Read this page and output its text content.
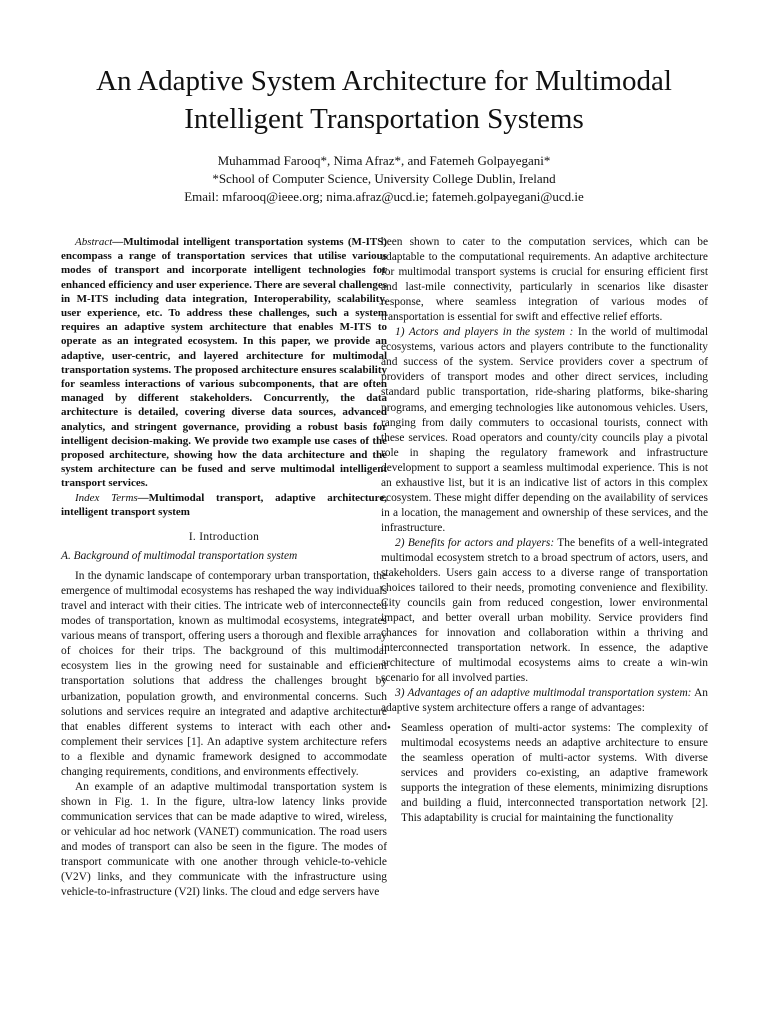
An Adaptive System Architecture for Multimodal Intelligent Transportation Systems
Muhammad Farooq*, Nima Afraz*, and Fatemeh Golpayegani*
*School of Computer Science, University College Dublin, Ireland
Email: mfarooq@ieee.org; nima.afraz@ucd.ie; fatemeh.golpayegani@ucd.ie

Abstract—Multimodal intelligent transportation systems (M-ITS) encompass a range of transportation services that utilise various modes of transport and incorporate intelligent technologies for enhanced efficiency and user experience. There are several challenges in M-ITS including data integration, Interoperability, scalability, user experience, etc. To address these challenges, such a system requires an adaptive system architecture that enables M-ITS to operate as an integrated ecosystem. In this paper, we provide an adaptive, user-centric, and layered architecture for multimodal transportation systems. The proposed architecture ensures scalability for seamless interactions of various subcomponents, that are often managed by different stakeholders. Concurrently, the data architecture is detailed, covering diverse data sources, advanced analytics, and stringent governance, providing a robust basis for intelligent decision-making. We provide two example use cases of the proposed architecture, showing how the data architecture and the system architecture can be fused and serve multimodal intelligent transport services.

Index Terms—Multimodal transport, adaptive architecture, intelligent transport system

I. Introduction
A. Background of multimodal transportation system

In the dynamic landscape of contemporary urban transportation, the emergence of multimodal ecosystems has reshaped the way individuals travel and interact with their cities. The intricate web of interconnected modes of transportation, known as multimodal ecosystems, integrates various means of transport, offering users a thorough and flexible array of choices for their trips. The background of this multimodal ecosystem lies in the growing need for sustainable and efficient transportation solutions that address the challenges brought by urbanization, population growth, and environmental concerns. Such solutions and services require an integrated and adaptive architecture that enables different systems to interact with each other and complement their services [1]. An adaptive system architecture refers to a flexible and dynamic framework designed to accommodate changing requirements, conditions, and environments effectively.

An example of an adaptive multimodal transportation system is shown in Fig. 1. In the figure, ultra-low latency links provide communication services that can be made adaptive to wired, wireless, or vehicular ad hoc network (VANET) communication. The road users and modes of transport can also be seen in the figure. The modes of transport communicate with one another through vehicle-to-vehicle (V2V) links, and they communicate with the infrastructure using vehicle-to-infrastructure (V2I) links. The cloud and edge servers have

been shown to cater to the computation services, which can be adaptable to the computational requirements. An adaptive architecture for multimodal transport systems is crucial for ensuring efficient first and last-mile connectivity, particularly in scenarios like disaster response, where seamless integration of various modes of transportation is essential for swift and effective relief efforts.

1) Actors and players in the system : In the world of multimodal ecosystems, various actors and players contribute to the functionality and success of the system. Service providers cover a spectrum of providers of transport modes and other direct services, including standard public transportation, ride-sharing platforms, bike-sharing programs, and emerging technologies like autonomous vehicles. Users, ranging from daily commuters to occasional tourists, connect with these services. Road operators and county/city councils play a pivotal role in shaping the regulatory framework and infrastructure development to support a seamless multimodal experience. This is not an exhaustive list, but it is an indicative list of actors in this complex ecosystem. These might differ depending on the availability of services in a location, the management and ownership of these services, and the infrastructure.

2) Benefits for actors and players: The benefits of a well-integrated multimodal ecosystem stretch to a broad spectrum of actors, users, and stakeholders. Users gain access to a diverse range of transportation choices tailored to their needs, promoting convenience and flexibility. City councils gain from reduced congestion, lower environmental impact, and better overall urban mobility. Service providers find chances for innovation and collaboration within a thriving and interconnected transportation network. In essence, the adaptive architecture of multimodal ecosystems aims to create a win-win scenario for all involved parties.

3) Advantages of an adaptive multimodal transportation system: An adaptive system architecture offers a range of advantages:

• Seamless operation of multi-actor systems: The complexity of multimodal ecosystems needs an adaptive architecture to ensure the seamless operation of multi-actor systems. With diverse services and providers co-existing, an adaptive framework supports the integration of these elements, minimizing disruptions and building a fluid, interconnected transportation network [2]. This adaptability is crucial for maintaining the functionality
